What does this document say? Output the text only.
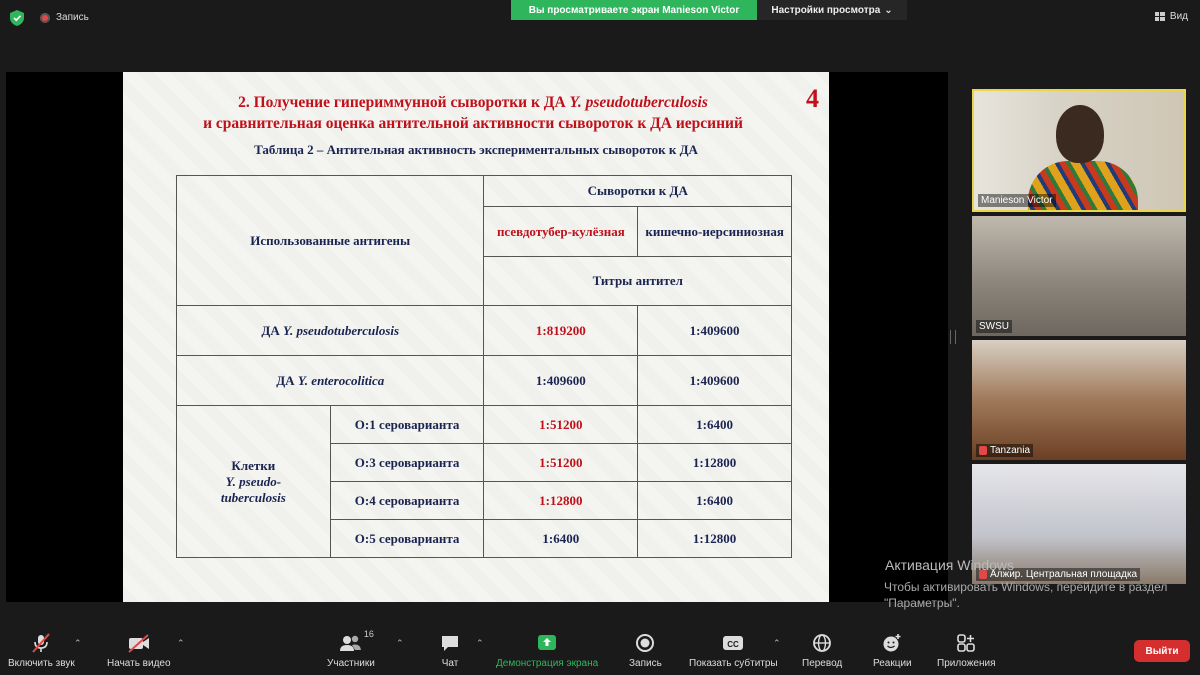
Запись
Вы просматриваете экран Manieson Victor	Настройки просмотра ⌄
Вид
2. Получение гипериммунной сыворотки к ДА Y. pseudotuberculosis
и сравнительная оценка антительной активности сывороток к ДА иерсиний
4
Таблица 2 – Антительная активность экспериментальных сывороток к ДА
Использованные антигены		Сыворотки к ДА	
		псевдотубер-кулёзная	кишечно-иерсиниозная
		Титры антител	
ДА Y. pseudotuberculosis		1:819200	1:409600
ДА Y. enterocolitica		1:409600	1:409600
Клетки
Y. pseudo-
tuberculosis	О:1 сероварианта	1:51200	1:6400
	О:3 сероварианта	1:51200	1:12800
	О:4 сероварианта	1:12800	1:6400
	О:5 сероварианта	1:6400	1:12800
Manieson Victor
SWSU
Tanzania
Алжир. Центральная площадка
Активация Windows
Чтобы активировать Windows, перейдите в раздел "Параметры".
Включить звук
⌃
Начать видео
⌃
16
Участники
⌃
Чат
⌃
Демонстрация экрана	Запись
CC
Показать субтитры
⌃
Перевод	Реакции	Приложения
Выйти
